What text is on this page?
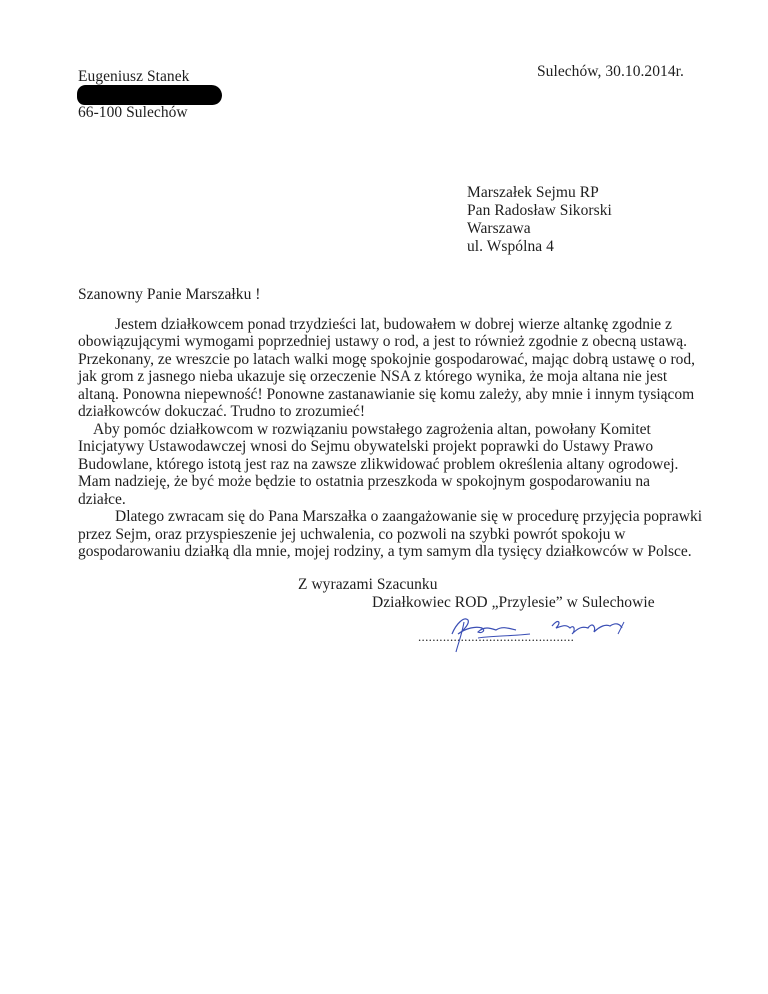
Eugeniusz Stanek
66-100 Sulechów
Sulechów, 30.10.2014r.
Marszałek Sejmu RP
Pan Radosław Sikorski
Warszawa
ul. Wspólna 4
Szanowny Panie Marszałku !
Jestem działkowcem ponad trzydzieści lat, budowałem w dobrej wierze altankę zgodnie z
obowiązującymi wymogami poprzedniej ustawy o rod, a jest to również zgodnie z obecną ustawą.
Przekonany, ze wreszcie po latach walki mogę spokojnie gospodarować, mając dobrą ustawę o rod,
jak grom z jasnego nieba ukazuje się orzeczenie NSA z którego wynika, że moja altana nie jest
altaną. Ponowna niepewność! Ponowne zastanawianie się komu zależy, aby mnie i innym tysiącom
działkowców dokuczać. Trudno to zrozumieć!
Aby pomóc działkowcom w rozwiązaniu powstałego zagrożenia altan, powołany Komitet
Inicjatywy Ustawodawczej wnosi do Sejmu obywatelski projekt poprawki do Ustawy Prawo
Budowlane, którego istotą jest raz na zawsze zlikwidować problem określenia altany ogrodowej.
Mam nadzieję, że być może będzie to ostatnia przeszkoda w spokojnym gospodarowaniu na
działce.
Dlatego zwracam się do Pana Marszałka o zaangażowanie się w procedurę przyjęcia poprawki
przez Sejm, oraz przyspieszenie jej uchwalenia, co pozwoli na szybki powrót spokoju w
gospodarowaniu działką dla mnie, mojej rodziny, a tym samym dla tysięcy działkowców w Polsce.
Z wyrazami Szacunku
Działkowiec ROD „Przylesie” w Sulechowie
............................................
